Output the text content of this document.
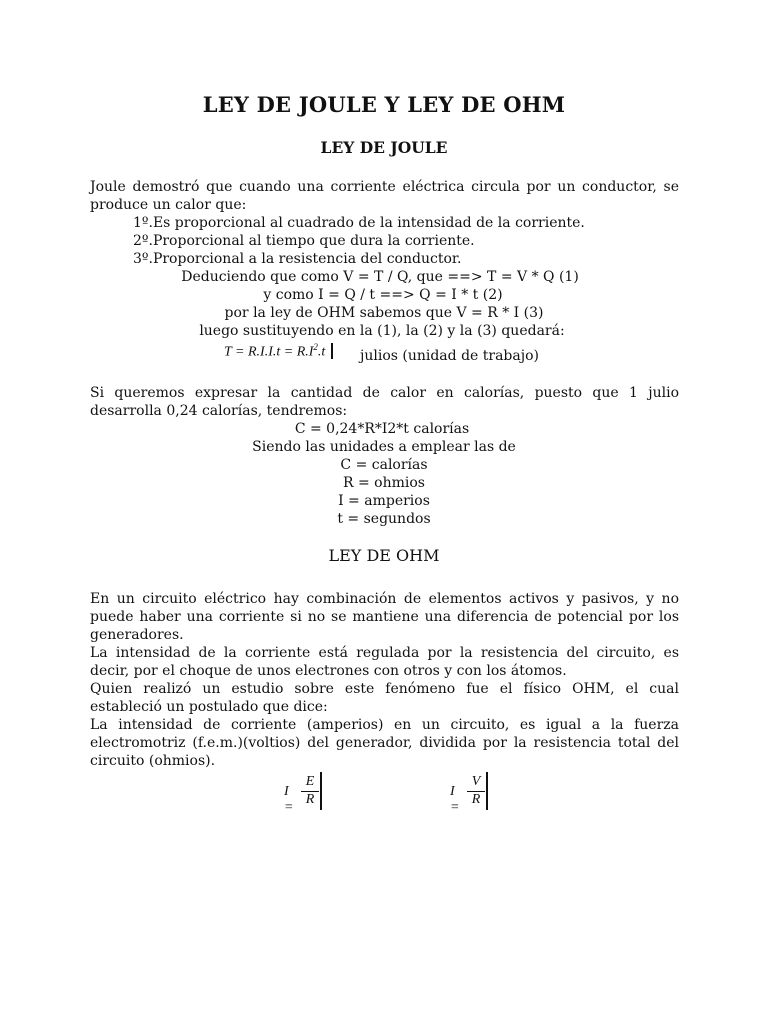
LEY DE JOULE Y LEY DE OHM
LEY DE JOULE
Joule demostró que cuando una corriente eléctrica circula por un conductor, se
produce un calor que:
1º.Es proporcional al cuadrado de la intensidad de la corriente.
2º.Proporcional al tiempo que dura la corriente.
3º.Proporcional a la resistencia del conductor.
Deduciendo que como V = T / Q, que ==> T = V * Q (1)
y como I = Q / t ==> Q = I * t (2)
por la ley de OHM sabemos que V = R * I (3)
luego sustituyendo en la (1), la (2) y la (3) quedará:
$T = R.I.I.t = R.I^2.t$	julios (unidad de trabajo)
Si queremos expresar la cantidad de calor en calorías, puesto que 1 julio
desarrolla 0,24 calorías, tendremos:
C = 0,24*R*I2*t calorías
Siendo las unidades a emplear las de
C = calorías
R = ohmios
I = amperios
t = segundos
LEY DE OHM
En un circuito eléctrico hay combinación de elementos activos y pasivos, y no
puede haber una corriente si no se mantiene una diferencia de potencial por los
generadores.
La intensidad de la corriente está regulada por la resistencia del circuito, es
decir, por el choque de unos electrones con otros y con los átomos.
Quien realizó un estudio sobre este fenómeno fue el físico OHM, el cual
estableció un postulado que dice:
La intensidad de corriente (amperios) en un circuito, es igual a la fuerza
electromotriz (f.e.m.)(voltios) del generador, dividida por la resistencia total del
circuito (ohmios).
I =
E
R
I =
V
R
